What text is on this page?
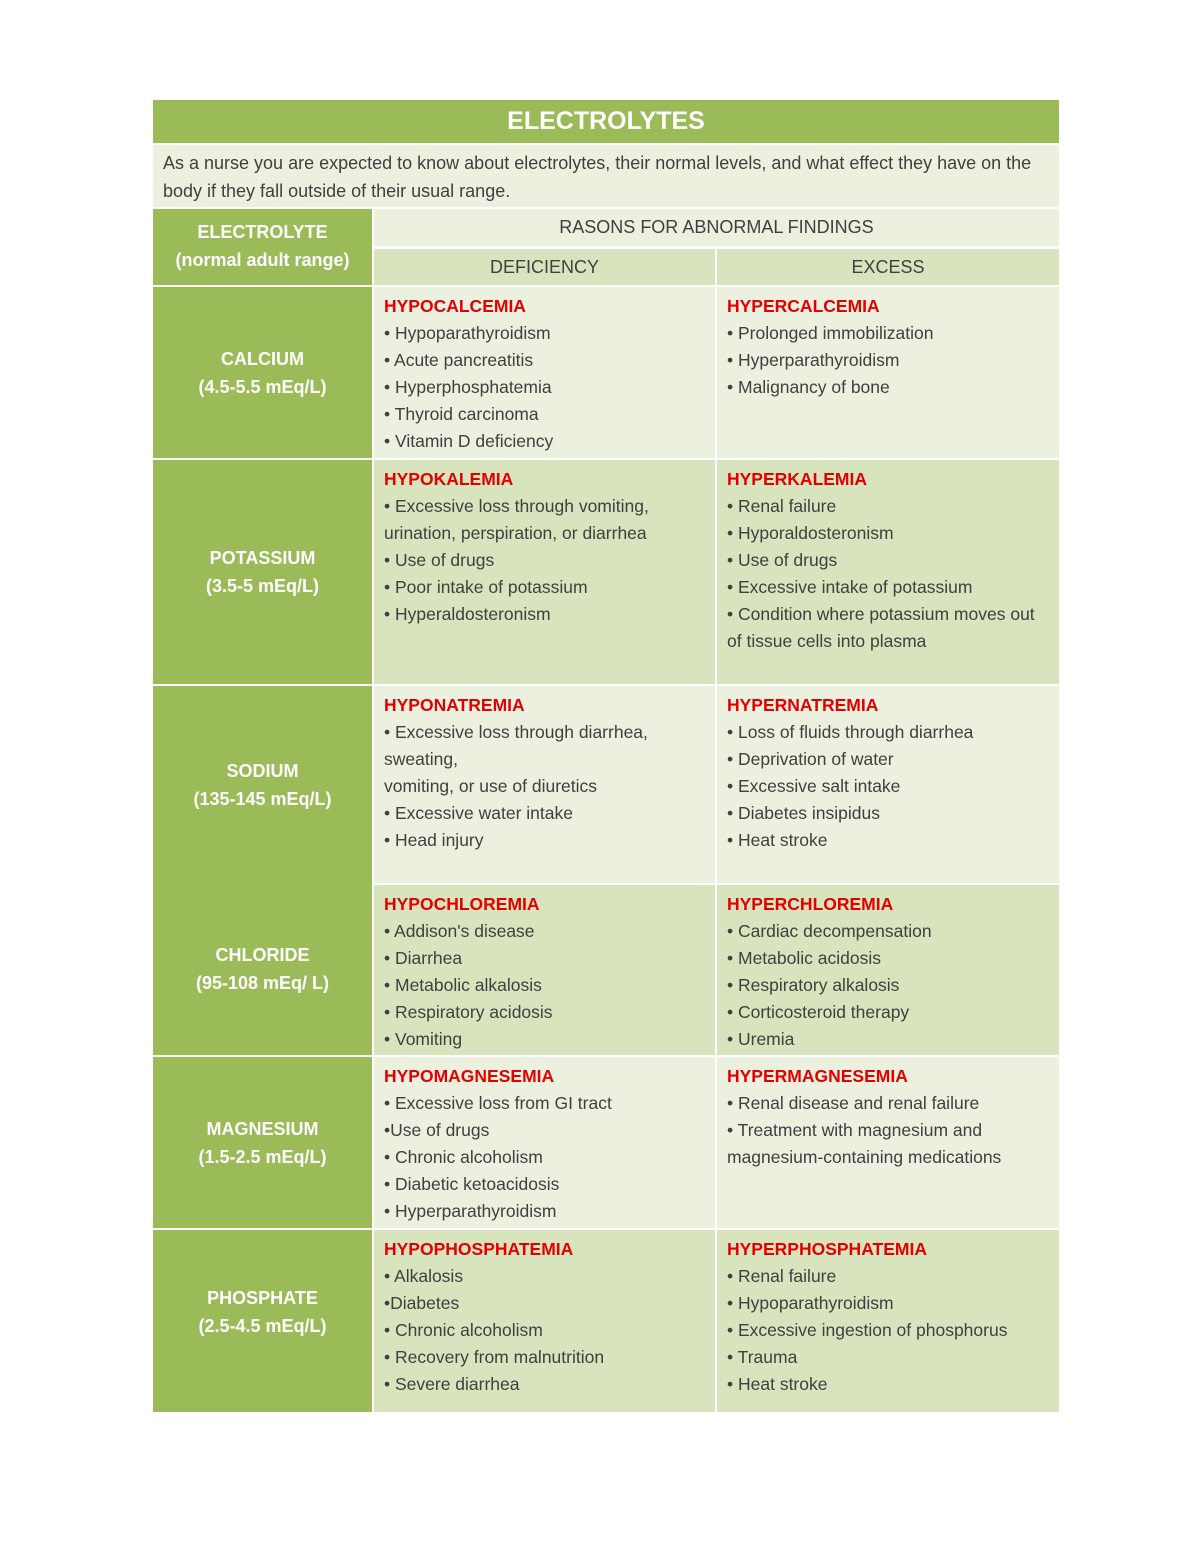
ELECTROLYTES
As a nurse you are expected to know about electrolytes, their normal levels, and what effect they have on the body if they fall outside of their usual range.
ELECTROLYTE
(normal adult range)
RASONS FOR ABNORMAL FINDINGS
DEFICIENCY	EXCESS
CALCIUM
(4.5-5.5 mEq/L)
POTASSIUM
(3.5-5 mEq/L)
SODIUM
(135-145 mEq/L)
CHLORIDE
(95-108 mEq/ L)
MAGNESIUM
(1.5-2.5 mEq/L)
PHOSPHATE
(2.5-4.5 mEq/L)
HYPOCALCEMIA
• Hypoparathyroidism
• Acute pancreatitis
• Hyperphosphatemia
• Thyroid carcinoma
• Vitamin D deficiency
HYPERCALCEMIA
• Prolonged immobilization
• Hyperparathyroidism
• Malignancy of bone
HYPOKALEMIA
• Excessive loss through vomiting, urination, perspiration, or diarrhea
• Use of drugs
• Poor intake of potassium
• Hyperaldosteronism
HYPERKALEMIA
• Renal failure
• Hyporaldosteronism
• Use of drugs
• Excessive intake of potassium
• Condition where potassium moves out of tissue cells into plasma
HYPONATREMIA
• Excessive loss through diarrhea, sweating,
vomiting, or use of diuretics
• Excessive water intake
• Head injury
HYPERNATREMIA
• Loss of fluids through diarrhea
• Deprivation of water
• Excessive salt intake
• Diabetes insipidus
• Heat stroke
HYPOCHLOREMIA
• Addison's disease
• Diarrhea
• Metabolic alkalosis
• Respiratory acidosis
• Vomiting
HYPERCHLOREMIA
• Cardiac decompensation
• Metabolic acidosis
• Respiratory alkalosis
• Corticosteroid therapy
• Uremia
HYPOMAGNESEMIA
• Excessive loss from GI tract
•Use of drugs
• Chronic alcoholism
• Diabetic ketoacidosis
• Hyperparathyroidism
HYPERMAGNESEMIA
• Renal disease and renal failure
• Treatment with magnesium and magnesium-containing medications
HYPOPHOSPHATEMIA
• Alkalosis
•Diabetes
• Chronic alcoholism
• Recovery from malnutrition
• Severe diarrhea
HYPERPHOSPHATEMIA
• Renal failure
• Hypoparathyroidism
• Excessive ingestion of phosphorus
• Trauma
• Heat stroke
